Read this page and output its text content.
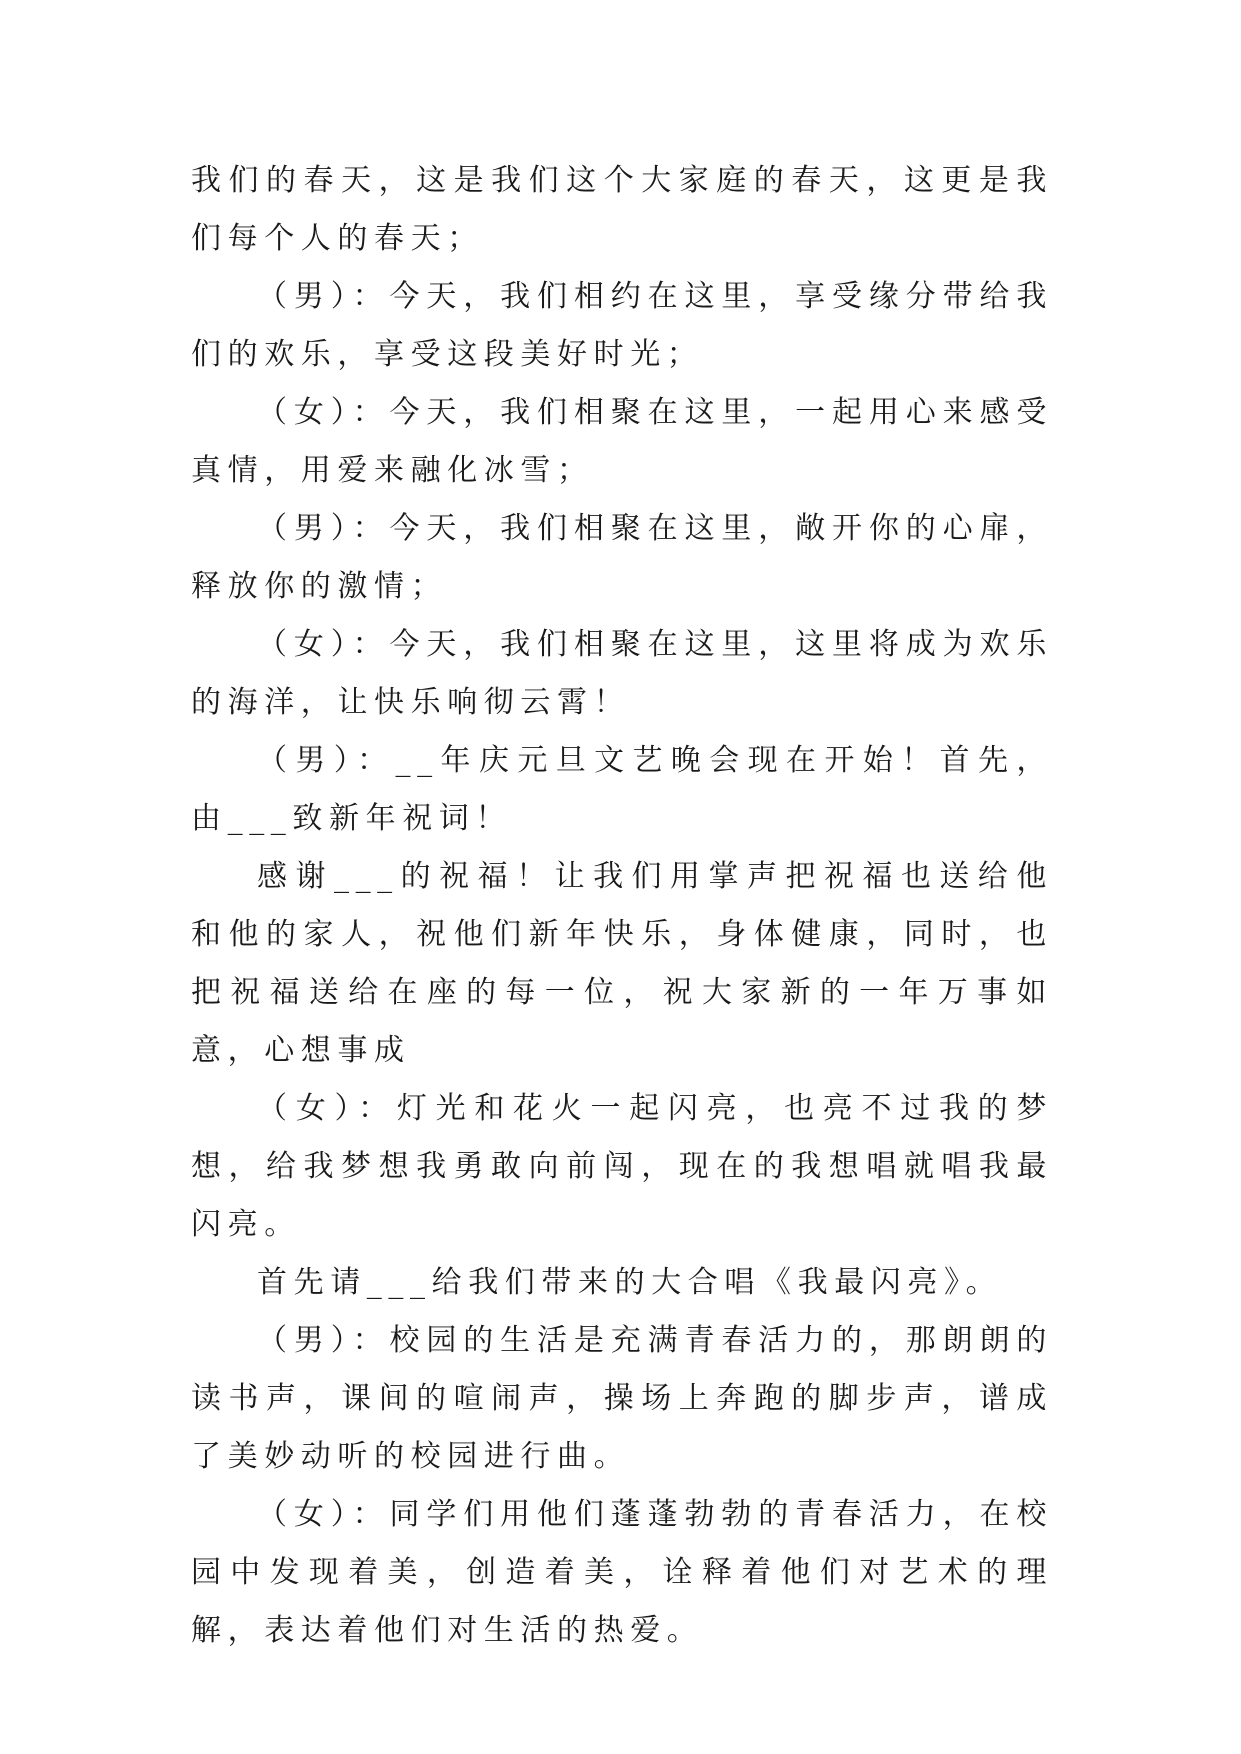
我们的春天，这是我们这个大家庭的春天，这更是我们每个人的春天；

（男）：今天，我们相约在这里，享受缘分带给我们的欢乐，享受这段美好时光；

（女）：今天，我们相聚在这里，一起用心来感受真情，用爱来融化冰雪；

（男）：今天，我们相聚在这里，敞开你的心扉，释放你的激情；

（女）：今天，我们相聚在这里，这里将成为欢乐的海洋，让快乐响彻云霄！

（男）：__年庆元旦文艺晚会现在开始！首先，由___致新年祝词！

感谢___的祝福！让我们用掌声把祝福也送给他和他的家人，祝他们新年快乐，身体健康，同时，也把祝福送给在座的每一位，祝大家新的一年万事如意，心想事成

（女）：灯光和花火一起闪亮，也亮不过我的梦想，给我梦想我勇敢向前闯，现在的我想唱就唱我最闪亮。

首先请___给我们带来的大合唱《我最闪亮》。

（男）：校园的生活是充满青春活力的，那朗朗的读书声，课间的喧闹声，操场上奔跑的脚步声，谱成了美妙动听的校园进行曲。

（女）：同学们用他们蓬蓬勃勃的青春活力，在校园中发现着美，创造着美，诠释着他们对艺术的理解，表达着他们对生活的热爱。
